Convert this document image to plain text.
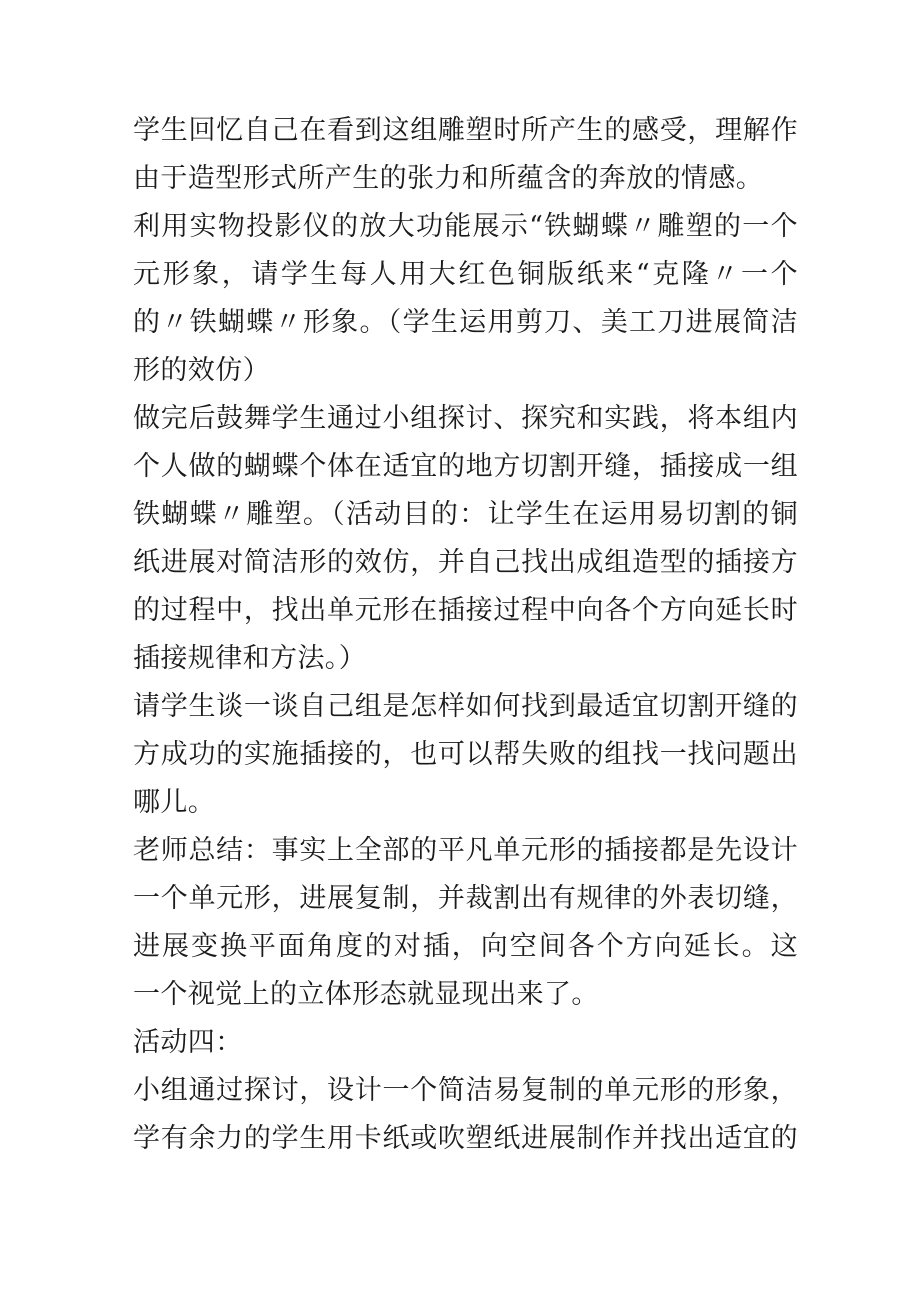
学生回忆自己在看到这组雕塑时所产生的感受，理解作
由于造型形式所产生的张力和所蕴含的奔放的情感。
利用实物投影仪的放大功能展示“铁蝴蝶〃雕塑的一个
元形象，请学生每人用大红色铜版纸来“克隆〃一个
的〃铁蝴蝶〃形象。（学生运用剪刀、美工刀进展简洁
形的效仿）
做完后鼓舞学生通过小组探讨、探究和实践，将本组内
个人做的蝴蝶个体在适宜的地方切割开缝，插接成一组
铁蝴蝶〃雕塑。（活动目的：让学生在运用易切割的铜
纸进展对简洁形的效仿，并自己找出成组造型的插接方
的过程中，找出单元形在插接过程中向各个方向延长时
插接规律和方法。）
请学生谈一谈自己组是怎样如何找到最适宜切割开缝的
方成功的实施插接的，也可以帮失败的组找一找问题出
哪儿。
老师总结：事实上全部的平凡单元形的插接都是先设计
一个单元形，进展复制，并裁割出有规律的外表切缝，
进展变换平面角度的对插，向空间各个方向延长。这
一个视觉上的立体形态就显现出来了。
活动四：
小组通过探讨，设计一个简洁易复制的单元形的形象，
学有余力的学生用卡纸或吹塑纸进展制作并找出适宜的
